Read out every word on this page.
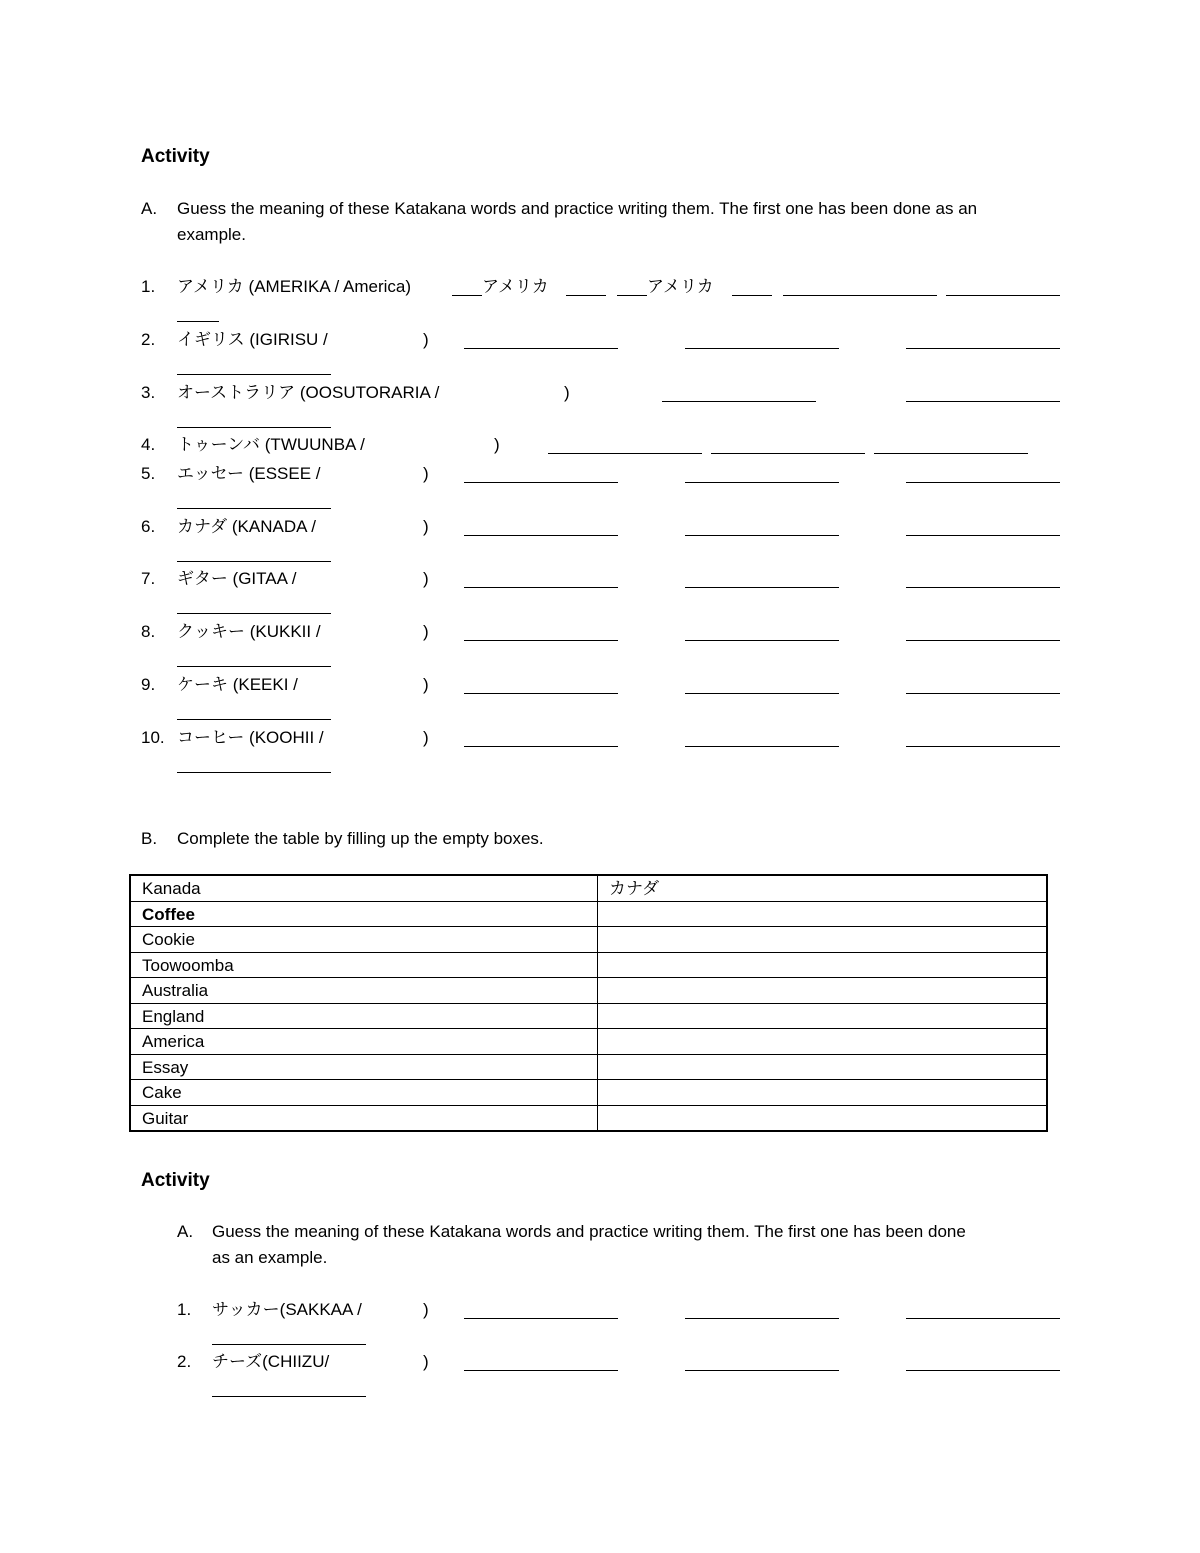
Activity
A. Guess the meaning of these Katakana words and practice writing them. The first one has been done as an
example.
1. アメリカ (AMERIKA / America)	アメリカ	アメリカ
2. イギリス (IGIRISU /	)
3. オーストラリア (OOSUTORARIA /	)
4. トゥーンバ (TWUUNBA /	)
5. エッセー (ESSEE /	)
6. カナダ (KANADA /	)
7. ギター (GITAA /	)
8. クッキー (KUKKII /	)
9. ケーキ (KEEKI /	)
10. コーヒー (KOOHII /	)
B. Complete the table by filling up the empty boxes.
Kanada	カナダ
Coffee	
Cookie	
Toowoomba	
Australia	
England	
America	
Essay	
Cake	
Guitar	
Activity
A. Guess the meaning of these Katakana words and practice writing them. The first one has been done
as an example.
1. サッカー(SAKKAA /	)
2. チーズ(CHIIZU/	)
